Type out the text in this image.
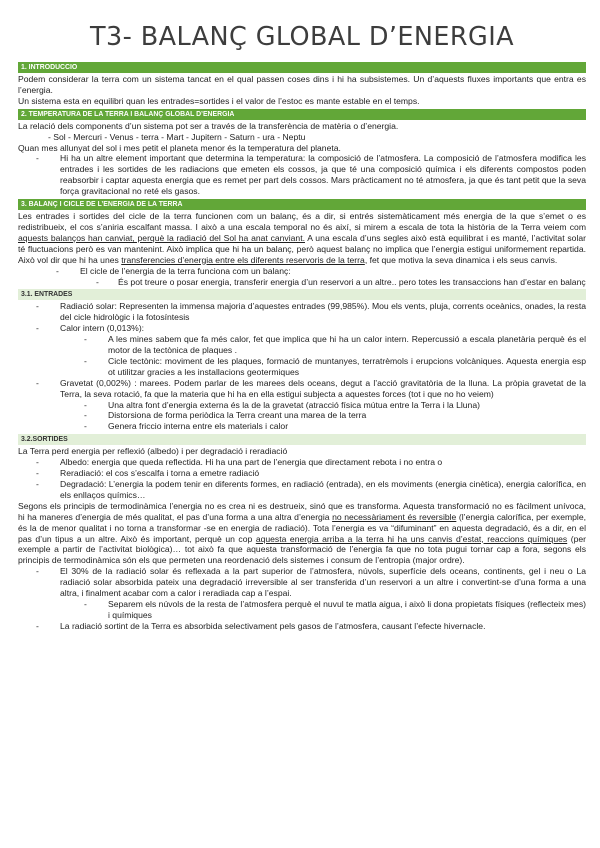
T3- BALANÇ GLOBAL D’ENERGIA
1. INTRODUCCIO

Podem considerar la terra com un sistema tancat en el qual passen coses dins i hi ha subsistemes. Un d’aquests fluxes importants que entra es l’energia.

Un sistema esta en equilibri quan les entrades=sortides i el valor de l’estoc es mante estable en el temps.

2. TEMPERATURA DE LA TERRA I BALANÇ GLOBAL D’ENERGIA

La relació dels components d’un sistema pot ser a través de la transferència de matèria o d’energia.

- Sol - Mercuri - Venus - terra - Mart - Jupitern - Saturn - ura - Neptu

Quan mes allunyat del sol i mes petit el planeta menor és la temperatura del planeta.

- Hi ha un altre element important que determina la temperatura: la composició de l’atmosfera. La composició de l’atmosfera modifica les entrades i les sortides de les radiacions que emeten els cossos, ja que té una composició química i els diferents compostos poden reabsorbir i captar aquesta energia que es remet per part dels cossos. Mars pràcticament no té atmosfera, ja que és tant petit que la seva força gravitacional no reté els gasos.
3. BALANÇ I CICLE DE L’ENERGIA DE LA TERRA

Les entrades i sortides del cicle de la terra funcionen com un balanç, és a dir, si entrés sistemàticament més energia de la que s’emet o es redistribueix, el cos s’aniria escalfant massa. I això a una escala temporal no és així, si mirem a escala de tota la història de la Terra veiem com aquests balanços han canviat, perquè la radiació del Sol ha anat canviant. A una escala d’uns segles això està equilibrat i es manté, l’activitat solar té fluctuacions però es van mantenint. Això implica que hi ha un balanç, però aquest balanç no implica que l’energia estigui uniformement repartida. Això vol dir que hi ha unes transferencies d’energia entre els diferents reservoris de la terra, fet que motiva la seva dinamica i els seus canvis.

- El cicle de l’energia de la terra funciona com un balanç:
- És pot treure o posar energia, transferir energia d’un reservori a un altre.. pero totes les transaccions han d’estar en balanç
3.1. ENTRADES
- Radiació solar: Representen la immensa majoria d’aquestes entrades (99,985%). Mou els vents, pluja, corrents oceànics, onades, la resta del cicle hidrològic i la fotosíntesis
- Calor intern (0,013%):
- A les mines sabem que fa més calor, fet que implica que hi ha un calor intern. Repercussió a escala planetària perquè és el motor de la tectònica de plaques .
- Cicle tectònic: moviment de les plaques, formació de muntanyes, terratrèmols i erupcions volcàniques. Aquesta energia esp ot utilitzar gracies a les installacions geotermiques
- Gravetat (0,002%) : marees. Podem parlar de les marees dels oceans, degut a l’acció gravitatòria de la lluna. La pròpia gravetat de la Terra, la seva rotació, fa que la materia que hi ha en ella estigui subjecta a aquestes forces (tot i que no ho veiem)
- Una altra font d’energia externa és la de la gravetat (atracció física mútua entre la Terra i la Lluna)
- Distorsiona de forma periòdica la Terra creant una marea de la terra
- Genera friccio interna entre els materials i calor
3.2.SORTIDES

La Terra perd energia per reflexió (albedo) i per degradació i reradiació

- Albedo: energia que queda reflectida. Hi ha una part de l’energia que directament rebota i no entra o
- Reradiació: el cos s’escalfa i torna a emetre radiació
- Degradació: L’energia la podem tenir en diferents formes, en radiació (entrada), en els moviments (energia cinètica), energia calorífica, en els enllaços químics…

Segons els principis de termodinàmica l’energia no es crea ni es destrueix, sinó que es transforma. Aquesta transformació no es fàcilment unívoca, hi ha maneres d’energia de més qualitat, el pas d’una forma a una altra d’energia no necessàriament és reversible (l’energia calorífica, per exemple, és la de menor qualitat i no torna a transformar -se en energia de radiació). Tota l’energia es va “difuminant” en aquesta degradació, és a dir, en el pas d’un tipus a un altre. Això és important, perquè un cop aquesta energia arriba a la terra hi ha uns canvis d’estat, reaccions químiques (per exemple a partir de l’activitat biològica)… tot això fa que aquesta transformació de l’energia fa que no tota pugui tornar cap a fora, segons els principis de termodinàmica són els que permeten una reordenació dels sistemes i consum de l’entropia (major ordre).

- El 30% de la radiació solar és reflexada a la part superior de l’atmosfera, núvols, superfície dels oceans, continents, gel i neu o La radiació solar absorbida pateix una degradació irreversible al ser transferida d’un reservori a un altre i convertint-se d’una forma a una altra, i finalment acabar com a calor i reradiada cap a l’espai.
- Separem els núvols de la resta de l’atmosfera perquè el nuvul te matla aigua, i això li dona propietats físiques (reflecteix mes) i químiques
- La radiació sortint de la Terra es absorbida selectivament pels gasos de l’atmosfera, causant l’efecte hivernacle.
